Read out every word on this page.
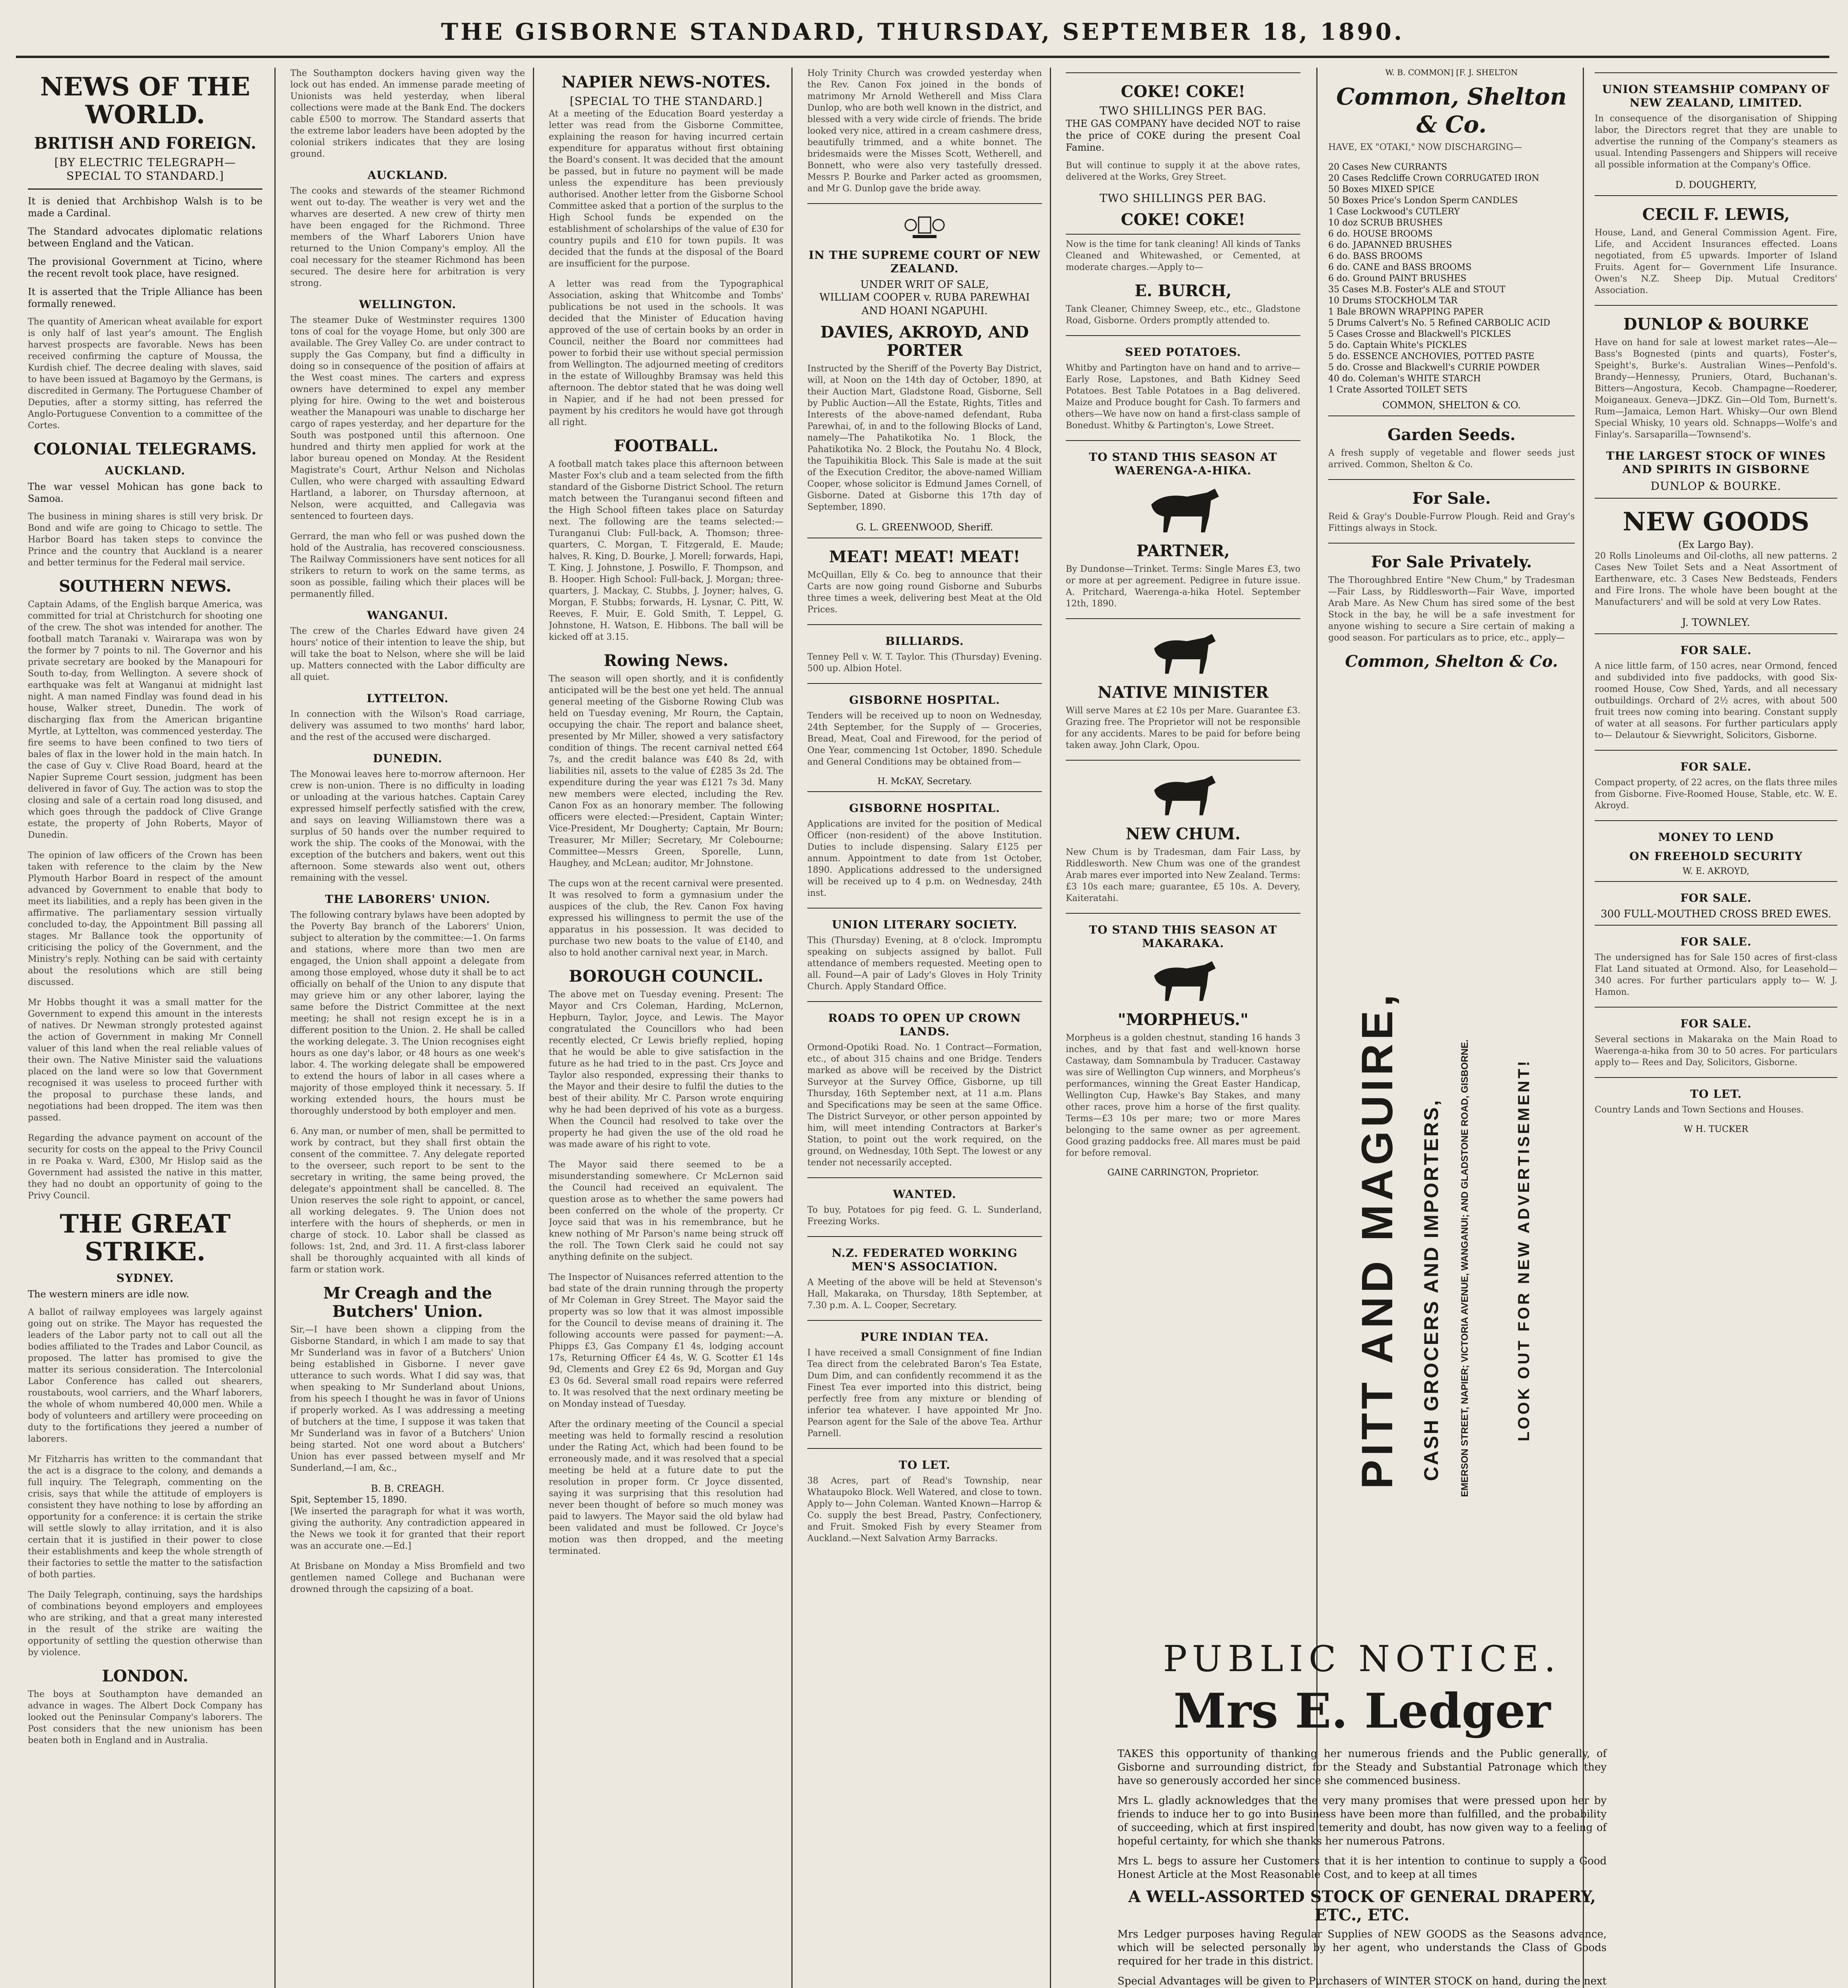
THE GISBORNE STANDARD, THURSDAY, SEPTEMBER 18, 1890.
NEWS OF THE WORLD.
BRITISH AND FOREIGN.
[BY ELECTRIC TELEGRAPH—SPECIAL TO STANDARD.]

It is denied that Archbishop Walsh is to be made a Cardinal.

The Standard advocates diplomatic relations between England and the Vatican.

The provisional Government at Ticino, where the recent revolt took place, have resigned.

It is asserted that the Triple Alliance has been formally renewed.

The quantity of American wheat available for export is only half of last year's amount. The English harvest prospects are favorable. News has been received confirming the capture of Moussa, the Kurdish chief. The decree dealing with slaves, said to have been issued at Bagamoyo by the Germans, is discredited in Germany. The Portuguese Chamber of Deputies, after a stormy sitting, has referred the Anglo-Portuguese Convention to a committee of the Cortes.
COLONIAL TELEGRAMS.
AUCKLAND.

The war vessel Mohican has gone back to Samoa.

The business in mining shares is still very brisk. Dr Bond and wife are going to Chicago to settle. The Harbor Board has taken steps to convince the Prince and the country that Auckland is a nearer and better terminus for the Federal mail service.
SOUTHERN NEWS.
Captain Adams, of the English barque America, was committed for trial at Christchurch for shooting one of the crew. The shot was intended for another. The football match Taranaki v. Wairarapa was won by the former by 7 points to nil. The Governor and his private secretary are booked by the Manapouri for South to-day, from Wellington. A severe shock of earthquake was felt at Wanganui at midnight last night. A man named Findlay was found dead in his house, Walker street, Dunedin. The work of discharging flax from the American brigantine Myrtle, at Lyttelton, was commenced yesterday. The fire seems to have been confined to two tiers of bales of flax in the lower hold in the main hatch. In the case of Guy v. Clive Road Board, heard at the Napier Supreme Court session, judgment has been delivered in favor of Guy. The action was to stop the closing and sale of a certain road long disused, and which goes through the paddock of Clive Grange estate, the property of John Roberts, Mayor of Dunedin.
The opinion of law officers of the Crown has been taken with reference to the claim by the New Plymouth Harbor Board in respect of the amount advanced by Government to enable that body to meet its liabilities, and a reply has been given in the affirmative. The parliamentary session virtually concluded to-day, the Appointment Bill passing all stages. Mr Ballance took the opportunity of criticising the policy of the Government, and the Ministry's reply. Nothing can be said with certainty about the resolutions which are still being discussed.
Mr Hobbs thought it was a small matter for the Government to expend this amount in the interests of natives. Dr Newman strongly protested against the action of Government in making Mr Connell valuer of this land when the real reliable values of their own. The Native Minister said the valuations placed on the land were so low that Government recognised it was useless to proceed further with the proposal to purchase these lands, and negotiations had been dropped. The item was then passed.
Regarding the advance payment on account of the security for costs on the appeal to the Privy Council in re Poaka v. Ward, £300, Mr Hislop said as the Government had assisted the native in this matter, they had no doubt an opportunity of going to the Privy Council.
THE GREAT STRIKE.
SYDNEY.

The western miners are idle now.

A ballot of railway employees was largely against going out on strike. The Mayor has requested the leaders of the Labor party not to call out all the bodies affiliated to the Trades and Labor Council, as proposed. The latter has promised to give the matter its serious consideration. The Intercolonial Labor Conference has called out shearers, roustabouts, wool carriers, and the Wharf laborers, the whole of whom numbered 40,000 men. While a body of volunteers and artillery were proceeding on duty to the fortifications they jeered a number of laborers.
Mr Fitzharris has written to the commandant that the act is a disgrace to the colony, and demands a full inquiry. The Telegraph, commenting on the crisis, says that while the attitude of employers is consistent they have nothing to lose by affording an opportunity for a conference: it is certain the strike will settle slowly to allay irritation, and it is also certain that it is justified in their power to close their establishments and keep the whole strength of their factories to settle the matter to the satisfaction of both parties.
The Daily Telegraph, continuing, says the hardships of combinations beyond employers and employees who are striking, and that a great many interested in the result of the strike are waiting the opportunity of settling the question otherwise than by violence.
LONDON.
The boys at Southampton have demanded an advance in wages. The Albert Dock Company has looked out the Peninsular Company's laborers. The Post considers that the new unionism has been beaten both in England and in Australia.
The Southampton dockers having given way the lock out has ended. An immense parade meeting of Unionists was held yesterday, when liberal collections were made at the Bank End. The dockers cable £500 to morrow. The Standard asserts that the extreme labor leaders have been adopted by the colonial strikers indicates that they are losing ground.
AUCKLAND.
The cooks and stewards of the steamer Richmond went out to-day. The weather is very wet and the wharves are deserted. A new crew of thirty men have been engaged for the Richmond. Three members of the Wharf Laborers Union have returned to the Union Company's employ. All the coal necessary for the steamer Richmond has been secured. The desire here for arbitration is very strong.
WELLINGTON.
The steamer Duke of Westminster requires 1300 tons of coal for the voyage Home, but only 300 are available. The Grey Valley Co. are under contract to supply the Gas Company, but find a difficulty in doing so in consequence of the position of affairs at the West coast mines. The carters and express owners have determined to expel any member plying for hire. Owing to the wet and boisterous weather the Manapouri was unable to discharge her cargo of rapes yesterday, and her departure for the South was postponed until this afternoon. One hundred and thirty men applied for work at the labor bureau opened on Monday. At the Resident Magistrate's Court, Arthur Nelson and Nicholas Cullen, who were charged with assaulting Edward Hartland, a laborer, on Thursday afternoon, at Nelson, were acquitted, and Callegavia was sentenced to fourteen days.
Gerrard, the man who fell or was pushed down the hold of the Australia, has recovered consciousness. The Railway Commissioners have sent notices for all strikers to return to work on the same terms, as soon as possible, failing which their places will be permanently filled.
WANGANUI.
The crew of the Charles Edward have given 24 hours' notice of their intention to leave the ship, but will take the boat to Nelson, where she will be laid up. Matters connected with the Labor difficulty are all quiet.
LYTTELTON.
In connection with the Wilson's Road carriage, delivery was assumed to two months' hard labor, and the rest of the accused were discharged.
DUNEDIN.
The Monowai leaves here to-morrow afternoon. Her crew is non-union. There is no difficulty in loading or unloading at the various hatches. Captain Carey expressed himself perfectly satisfied with the crew, and says on leaving Williamstown there was a surplus of 50 hands over the number required to work the ship. The cooks of the Monowai, with the exception of the butchers and bakers, went out this afternoon. Some stewards also went out, others remaining with the vessel.
THE LABORERS' UNION.
The following contrary bylaws have been adopted by the Poverty Bay branch of the Laborers' Union, subject to alteration by the committee:—1. On farms and stations, where more than two men are engaged, the Union shall appoint a delegate from among those employed, whose duty it shall be to act officially on behalf of the Union to any dispute that may grieve him or any other laborer, laying the same before the District Committee at the next meeting; he shall not resign except he is in a different position to the Union. 2. He shall be called the working delegate. 3. The Union recognises eight hours as one day's labor, or 48 hours as one week's labor. 4. The working delegate shall be empowered to extend the hours of labor in all cases where a majority of those employed think it necessary. 5. If working extended hours, the hours must be thoroughly understood by both employer and men.
6. Any man, or number of men, shall be permitted to work by contract, but they shall first obtain the consent of the committee. 7. Any delegate reported to the overseer, such report to be sent to the secretary in writing, the same being proved, the delegate's appointment shall be cancelled. 8. The Union reserves the sole right to appoint, or cancel, all working delegates. 9. The Union does not interfere with the hours of shepherds, or men in charge of stock. 10. Labor shall be classed as follows: 1st, 2nd, and 3rd. 11. A first-class laborer shall be thoroughly acquainted with all kinds of farm or station work.
Mr Creagh and the Butchers' Union.
Sir,—I have been shown a clipping from the Gisborne Standard, in which I am made to say that Mr Sunderland was in favor of a Butchers' Union being established in Gisborne. I never gave utterance to such words. What I did say was, that when speaking to Mr Sunderland about Unions, from his speech I thought he was in favor of Unions if properly worked. As I was addressing a meeting of butchers at the time, I suppose it was taken that Mr Sunderland was in favor of a Butchers' Union being started. Not one word about a Butchers' Union has ever passed between myself and Mr Sunderland,—I am, &c.,
B. B. CREAGH.
Spit, September 15, 1890.
[We inserted the paragraph for what it was worth, giving the authority. Any contradiction appeared in the News we took it for granted that their report was an accurate one.—Ed.]
At Brisbane on Monday a Miss Bromfield and two gentlemen named College and Buchanan were drowned through the capsizing of a boat.
NAPIER NEWS-NOTES.
[SPECIAL TO THE STANDARD.]
At a meeting of the Education Board yesterday a letter was read from the Gisborne Committee, explaining the reason for having incurred certain expenditure for apparatus without first obtaining the Board's consent. It was decided that the amount be passed, but in future no payment will be made unless the expenditure has been previously authorised. Another letter from the Gisborne School Committee asked that a portion of the surplus to the High School funds be expended on the establishment of scholarships of the value of £30 for country pupils and £10 for town pupils. It was decided that the funds at the disposal of the Board are insufficient for the purpose.
A letter was read from the Typographical Association, asking that Whitcombe and Tombs' publications be not used in the schools. It was decided that the Minister of Education having approved of the use of certain books by an order in Council, neither the Board nor committees had power to forbid their use without special permission from Wellington. The adjourned meeting of creditors in the estate of Willoughby Bramsay was held this afternoon. The debtor stated that he was doing well in Napier, and if he had not been pressed for payment by his creditors he would have got through all right.
FOOTBALL.
A football match takes place this afternoon between Master Fox's club and a team selected from the fifth standard of the Gisborne District School. The return match between the Turanganui second fifteen and the High School fifteen takes place on Saturday next. The following are the teams selected:—Turanganui Club: Full-back, A. Thomson; three-quarters, C. Morgan, T. Fitzgerald, E. Maude; halves, R. King, D. Bourke, J. Morell; forwards, Hapi, T. King, J. Johnstone, J. Poswillo, F. Thompson, and B. Hooper. High School: Full-back, J. Morgan; three-quarters, J. Mackay, C. Stubbs, J. Joyner; halves, G. Morgan, F. Stubbs; forwards, H. Lysnar, C. Pitt, W. Reeves, F. Muir, E. Gold Smith, T. Leppel, G. Johnstone, H. Watson, E. Hibbons. The ball will be kicked off at 3.15.
Rowing News.
The season will open shortly, and it is confidently anticipated will be the best one yet held. The annual general meeting of the Gisborne Rowing Club was held on Tuesday evening, Mr Rourn, the Captain, occupying the chair. The report and balance sheet, presented by Mr Miller, showed a very satisfactory condition of things. The recent carnival netted £64 7s, and the credit balance was £40 8s 2d, with liabilities nil, assets to the value of £285 3s 2d. The expenditure during the year was £121 7s 3d. Many new members were elected, including the Rev. Canon Fox as an honorary member. The following officers were elected:—President, Captain Winter; Vice-President, Mr Dougherty; Captain, Mr Bourn; Treasurer, Mr Miller; Secretary, Mr Colebourne; Committee—Messrs Green, Sporelle, Lunn, Haughey, and McLean; auditor, Mr Johnstone.
The cups won at the recent carnival were presented. It was resolved to form a gymnasium under the auspices of the club, the Rev. Canon Fox having expressed his willingness to permit the use of the apparatus in his possession. It was decided to purchase two new boats to the value of £140, and also to hold another carnival next year, in March.
BOROUGH COUNCIL.
The above met on Tuesday evening. Present: The Mayor and Crs Coleman, Harding, McLernon, Hepburn, Taylor, Joyce, and Lewis. The Mayor congratulated the Councillors who had been recently elected, Cr Lewis briefly replied, hoping that he would be able to give satisfaction in the future as he had tried to in the past. Crs Joyce and Taylor also responded, expressing their thanks to the Mayor and their desire to fulfil the duties to the best of their ability. Mr C. Parson wrote enquiring why he had been deprived of his vote as a burgess. When the Council had resolved to take over the property he had given the use of the old road he was made aware of his right to vote.
The Mayor said there seemed to be a misunderstanding somewhere. Cr McLernon said the Council had received an equivalent. The question arose as to whether the same powers had been conferred on the whole of the property. Cr Joyce said that was in his remembrance, but he knew nothing of Mr Parson's name being struck off the roll. The Town Clerk said he could not say anything definite on the subject.
The Inspector of Nuisances referred attention to the bad state of the drain running through the property of Mr Coleman in Grey Street. The Mayor said the property was so low that it was almost impossible for the Council to devise means of draining it. The following accounts were passed for payment:—A. Phipps £3, Gas Company £1 4s, lodging account 17s, Returning Officer £4 4s, W. G. Scotter £1 14s 9d, Clements and Grey £2 6s 9d, Morgan and Guy £3 0s 6d. Several small road repairs were referred to. It was resolved that the next ordinary meeting be on Monday instead of Tuesday.
After the ordinary meeting of the Council a special meeting was held to formally rescind a resolution under the Rating Act, which had been found to be erroneously made, and it was resolved that a special meeting be held at a future date to put the resolution in proper form. Cr Joyce dissented, saying it was surprising that this resolution had never been thought of before so much money was paid to lawyers. The Mayor said the old bylaw had been validated and must be followed. Cr Joyce's motion was then dropped, and the meeting terminated.
Holy Trinity Church was crowded yesterday when the Rev. Canon Fox joined in the bonds of matrimony Mr Arnold Wetherell and Miss Clara Dunlop, who are both well known in the district, and blessed with a very wide circle of friends. The bride looked very nice, attired in a cream cashmere dress, beautifully trimmed, and a white bonnet. The bridesmaids were the Misses Scott, Wetherell, and Bonnett, who were also very tastefully dressed. Messrs P. Bourke and Parker acted as groomsmen, and Mr G. Dunlop gave the bride away.
IN THE SUPREME COURT OF NEW ZEALAND.
UNDER WRIT OF SALE,
WILLIAM COOPER v. RUBA PAREWHAI AND HOANI NGAPUHI.
DAVIES, AKROYD, AND PORTER
Instructed by the Sheriff of the Poverty Bay District, will, at Noon on the 14th day of October, 1890, at their Auction Mart, Gladstone Road, Gisborne, Sell by Public Auction—All the Estate, Rights, Titles and Interests of the above-named defendant, Ruba Parewhai, of, in and to the following Blocks of Land, namely—The Pahatikotika No. 1 Block, the Pahatikotika No. 2 Block, the Poutahu No. 4 Block, the Tapuihikitia Block. This Sale is made at the suit of the Execution Creditor, the above-named William Cooper, whose solicitor is Edmund James Cornell, of Gisborne. Dated at Gisborne this 17th day of September, 1890.
G. L. GREENWOOD, Sheriff.
MEAT! MEAT! MEAT!
McQuillan, Elly & Co. beg to announce that their Carts are now going round Gisborne and Suburbs three times a week, delivering best Meat at the Old Prices.
BILLIARDS.
Tenney Pell v. W. T. Taylor. This (Thursday) Evening. 500 up. Albion Hotel.
GISBORNE HOSPITAL.
Tenders will be received up to noon on Wednesday, 24th September, for the Supply of — Groceries, Bread, Meat, Coal and Firewood, for the period of One Year, commencing 1st October, 1890. Schedule and General Conditions may be obtained from—
H. McKAY, Secretary.
GISBORNE HOSPITAL.
Applications are invited for the position of Medical Officer (non-resident) of the above Institution. Duties to include dispensing. Salary £125 per annum. Appointment to date from 1st October, 1890. Applications addressed to the undersigned will be received up to 4 p.m. on Wednesday, 24th inst.
UNION LITERARY SOCIETY.
This (Thursday) Evening, at 8 o'clock. Impromptu speaking on subjects assigned by ballot. Full attendance of members requested. Meeting open to all. Found—A pair of Lady's Gloves in Holy Trinity Church. Apply Standard Office.
ROADS TO OPEN UP CROWN LANDS.
Ormond-Opotiki Road. No. 1 Contract—Formation, etc., of about 315 chains and one Bridge. Tenders marked as above will be received by the District Surveyor at the Survey Office, Gisborne, up till Thursday, 16th September next, at 11 a.m. Plans and Specifications may be seen at the same Office. The District Surveyor, or other person appointed by him, will meet intending Contractors at Barker's Station, to point out the work required, on the ground, on Wednesday, 10th Sept. The lowest or any tender not necessarily accepted.
WANTED.
To buy, Potatoes for pig feed. G. L. Sunderland, Freezing Works.
N.Z. FEDERATED WORKING MEN'S ASSOCIATION.
A Meeting of the above will be held at Stevenson's Hall, Makaraka, on Thursday, 18th September, at 7.30 p.m. A. L. Cooper, Secretary.
PURE INDIAN TEA.
I have received a small Consignment of fine Indian Tea direct from the celebrated Baron's Tea Estate, Dum Dim, and can confidently recommend it as the Finest Tea ever imported into this district, being perfectly free from any mixture or blending of inferior tea whatever. I have appointed Mr Jno. Pearson agent for the Sale of the above Tea. Arthur Parnell.
TO LET.
38 Acres, part of Read's Township, near Whataupoko Block. Well Watered, and close to town. Apply to— John Coleman. Wanted Known—Harrop & Co. supply the best Bread, Pastry, Confectionery, and Fruit. Smoked Fish by every Steamer from Auckland.—Next Salvation Army Barracks.
COKE! COKE!
TWO SHILLINGS PER BAG.

THE GAS COMPANY have decided NOT to raise the price of COKE during the present Coal Famine.

But will continue to supply it at the above rates, delivered at the Works, Grey Street.
TWO SHILLINGS PER BAG.
COKE! COKE!
Now is the time for tank cleaning! All kinds of Tanks Cleaned and Whitewashed, or Cemented, at moderate charges.—Apply to—
E. BURCH,
Tank Cleaner, Chimney Sweep, etc., etc., Gladstone Road, Gisborne. Orders promptly attended to.
SEED POTATOES.
Whitby and Partington have on hand and to arrive—Early Rose, Lapstones, and Bath Kidney Seed Potatoes. Best Table Potatoes in a Bag delivered. Maize and Produce bought for Cash. To farmers and others—We have now on hand a first-class sample of Bonedust. Whitby & Partington's, Lowe Street.
TO STAND THIS SEASON AT WAERENGA-A-HIKA.
PARTNER,
By Dundonse—Trinket. Terms: Single Mares £3, two or more at per agreement. Pedigree in future issue. A. Pritchard, Waerenga-a-hika Hotel. September 12th, 1890.
NATIVE MINISTER
Will serve Mares at £2 10s per Mare. Guarantee £3. Grazing free. The Proprietor will not be responsible for any accidents. Mares to be paid for before being taken away. John Clark, Opou.
NEW CHUM.
New Chum is by Tradesman, dam Fair Lass, by Riddlesworth. New Chum was one of the grandest Arab mares ever imported into New Zealand. Terms: £3 10s each mare; guarantee, £5 10s. A. Devery, Kaiteratahi.
TO STAND THIS SEASON AT MAKARAKA.
"MORPHEUS."
Morpheus is a golden chestnut, standing 16 hands 3 inches, and by that fast and well-known horse Castaway, dam Somnambula by Traducer. Castaway was sire of Wellington Cup winners, and Morpheus's performances, winning the Great Easter Handicap, Wellington Cup, Hawke's Bay Stakes, and many other races, prove him a horse of the first quality. Terms—£3 10s per mare; two or more Mares belonging to the same owner as per agreement. Good grazing paddocks free. All mares must be paid for before removal.
GAINE CARRINGTON, Proprietor.
W. B. COMMON] [F. J. SHELTON
Common, Shelton & Co.
HAVE, EX "OTAKI," NOW DISCHARGING—
20 Cases New CURRANTS
20 Cases Redcliffe Crown CORRUGATED IRON
50 Boxes MIXED SPICE
50 Boxes Price's London Sperm CANDLES
1 Case Lockwood's CUTLERY
10 doz SCRUB BRUSHES
6 do. HOUSE BROOMS
6 do. JAPANNED BRUSHES
6 do. BASS BROOMS
6 do. CANE and BASS BROOMS
6 do. Ground PAINT BRUSHES
35 Cases M.B. Foster's ALE and STOUT
10 Drums STOCKHOLM TAR
1 Bale BROWN WRAPPING PAPER
5 Drums Calvert's No. 5 Refined CARBOLIC ACID
5 Cases Crosse and Blackwell's PICKLES
5 do. Captain White's PICKLES
5 do. ESSENCE ANCHOVIES, POTTED PASTE
5 do. Crosse and Blackwell's CURRIE POWDER
40 do. Coleman's WHITE STARCH
1 Crate Assorted TOILET SETS
COMMON, SHELTON & CO.
Garden Seeds.
A fresh supply of vegetable and flower seeds just arrived. Common, Shelton & Co.
For Sale.
Reid & Gray's Double-Furrow Plough. Reid and Gray's Fittings always in Stock.
For Sale Privately.
The Thoroughbred Entire "New Chum," by Tradesman—Fair Lass, by Riddlesworth—Fair Wave, imported Arab Mare. As New Chum has sired some of the best Stock in the bay, he will be a safe investment for anyone wishing to secure a Sire certain of making a good season. For particulars as to price, etc., apply—
Common, Shelton & Co.
PITT AND MAGUIRE, CASH GROCERS AND IMPORTERS, EMERSON STREET, NAPIER; VICTORIA AVENUE, WANGANUI; AND GLADSTONE ROAD, GISBORNE.	LOOK OUT FOR NEW ADVERTISEMENT!
UNION STEAMSHIP COMPANY OF NEW ZEALAND, LIMITED.
In consequence of the disorganisation of Shipping labor, the Directors regret that they are unable to advertise the running of the Company's steamers as usual. Intending Passengers and Shippers will receive all possible information at the Company's Office.
D. DOUGHERTY,
CECIL F. LEWIS,
House, Land, and General Commission Agent. Fire, Life, and Accident Insurances effected. Loans negotiated, from £5 upwards. Importer of Island Fruits. Agent for— Government Life Insurance. Owen's N.Z. Sheep Dip. Mutual Creditors' Association.
DUNLOP & BOURKE
Have on hand for sale at lowest market rates—Ale—Bass's Bognested (pints and quarts), Foster's, Speight's, Burke's. Australian Wines—Penfold's. Brandy—Hennessy, Pruniers, Otard, Buchanan's. Bitters—Angostura, Kecob. Champagne—Roederer, Moiganeaux. Geneva—JDKZ. Gin—Old Tom, Burnett's. Rum—Jamaica, Lemon Hart. Whisky—Our own Blend Special Whisky, 10 years old. Schnapps—Wolfe's and Finlay's. Sarsaparilla—Townsend's.
THE LARGEST STOCK OF WINES AND SPIRITS IN GISBORNE
DUNLOP & BOURKE.
NEW GOODS
(Ex Largo Bay).
20 Rolls Linoleums and Oil-cloths, all new patterns. 2 Cases New Toilet Sets and a Neat Assortment of Earthenware, etc. 3 Cases New Bedsteads, Fenders and Fire Irons. The whole have been bought at the Manufacturers' and will be sold at very Low Rates.
J. TOWNLEY.
FOR SALE.
A nice little farm, of 150 acres, near Ormond, fenced and subdivided into five paddocks, with good Six-roomed House, Cow Shed, Yards, and all necessary outbuildings. Orchard of 2½ acres, with about 500 fruit trees now coming into bearing. Constant supply of water at all seasons. For further particulars apply to— Delautour & Sievwright, Solicitors, Gisborne.
FOR SALE.
Compact property, of 22 acres, on the flats three miles from Gisborne. Five-Roomed House, Stable, etc. W. E. Akroyd.
MONEY TO LEND
ON FREEHOLD SECURITY
W. E. AKROYD,
FOR SALE.
300 FULL-MOUTHED CROSS BRED EWES.
FOR SALE.
The undersigned has for Sale 150 acres of first-class Flat Land situated at Ormond. Also, for Leasehold—340 acres. For further particulars apply to— W. J. Hamon.
FOR SALE.
Several sections in Makaraka on the Main Road to Waerenga-a-hika from 30 to 50 acres. For particulars apply to— Rees and Day, Solicitors, Gisborne.
TO LET.
Country Lands and Town Sections and Houses.
W H. TUCKER
PUBLIC NOTICE.
Mrs E. Ledger

TAKES this opportunity of thanking her numerous friends and the Public generally, of Gisborne and surrounding district, for the Steady and Substantial Patronage which they have so generously accorded her since she commenced business.

Mrs L. gladly acknowledges that the very many promises that were pressed upon her by friends to induce her to go into Business have been more than fulfilled, and the probability of succeeding, which at first inspired temerity and doubt, has now given way to a feeling of hopeful certainty, for which she thanks her numerous Patrons.

Mrs L. begs to assure her Customers that it is her intention to continue to supply a Good Honest Article at the Most Reasonable Cost, and to keep at all times

A WELL-ASSORTED STOCK OF GENERAL DRAPERY, ETC., ETC.

Mrs Ledger purposes having Regular Supplies of NEW GOODS as the Seasons advance, which will be selected personally by her agent, who understands the Class of Goods required for her trade in this district.

Special Advantages will be given to Purchasers of WINTER STOCK on hand, during the next
